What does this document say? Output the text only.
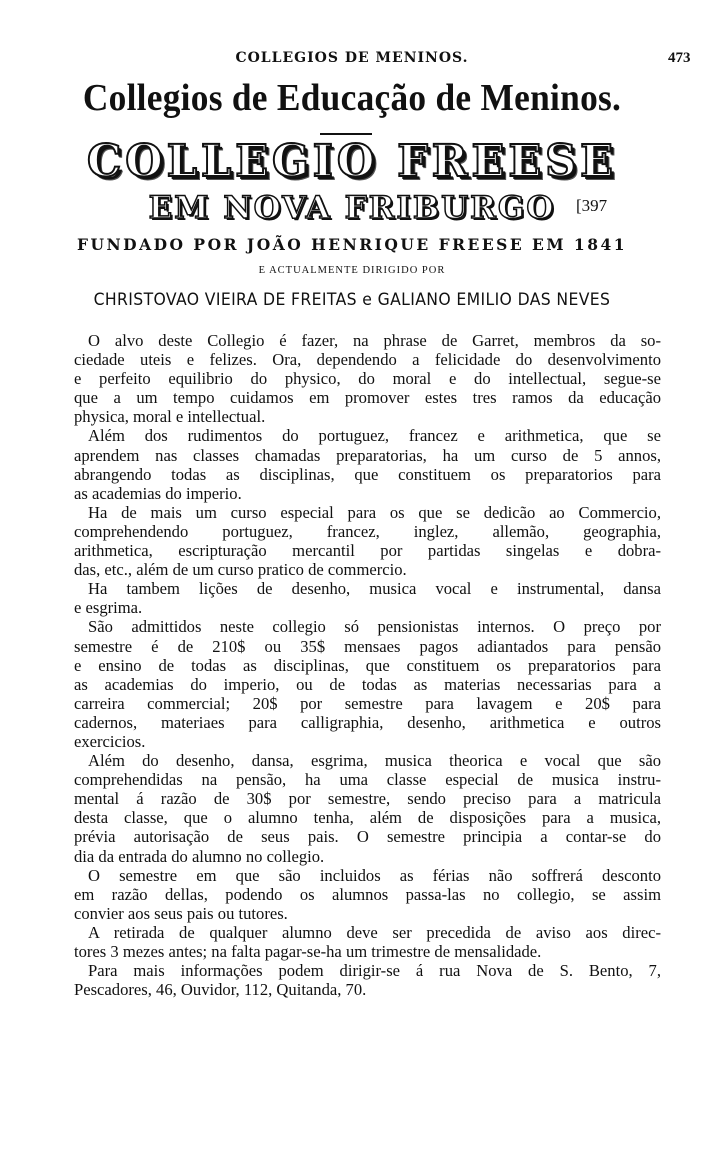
COLLEGIOS DE MENINOS.	473
Collegios de Educação de Meninos.
COLLEGIO FREESE
EM NOVA FRIBURGO	[397
FUNDADO POR JOÃO HENRIQUE FREESE EM 1841
E ACTUALMENTE DIRIGIDO POR
CHRISTOVAO VIEIRA DE FREITAS e GALIANO EMILIO DAS NEVES
O alvo deste Collegio é fazer, na phrase de Garret, membros da so-
ciedade uteis e felizes. Ora, dependendo a felicidade do desenvolvimento
e perfeito equilibrio do physico, do moral e do intellectual, segue-se
que a um tempo cuidamos em promover estes tres ramos da educação
physica, moral e intellectual.
Além dos rudimentos do portuguez, francez e arithmetica, que se
aprendem nas classes chamadas preparatorias, ha um curso de 5 annos,
abrangendo todas as disciplinas, que constituem os preparatorios para
as academias do imperio.
Ha de mais um curso especial para os que se dedicão ao Commercio,
comprehendendo portuguez, francez, inglez, allemão, geographia,
arithmetica, escripturação mercantil por partidas singelas e dobra-
das, etc., além de um curso pratico de commercio.
Ha tambem lições de desenho, musica vocal e instrumental, dansa
e esgrima.
São admittidos neste collegio só pensionistas internos. O preço por
semestre é de 210$ ou 35$ mensaes pagos adiantados para pensão
e ensino de todas as disciplinas, que constituem os preparatorios para
as academias do imperio, ou de todas as materias necessarias para a
carreira commercial; 20$ por semestre para lavagem e 20$ para
cadernos, materiaes para calligraphia, desenho, arithmetica e outros
exercicios.
Além do desenho, dansa, esgrima, musica theorica e vocal que são
comprehendidas na pensão, ha uma classe especial de musica instru-
mental á razão de 30$ por semestre, sendo preciso para a matricula
desta classe, que o alumno tenha, além de disposições para a musica,
prévia autorisação de seus pais. O semestre principia a contar-se do
dia da entrada do alumno no collegio.
O semestre em que são incluidos as férias não soffrerá desconto
em razão dellas, podendo os alumnos passa-las no collegio, se assim
convier aos seus pais ou tutores.
A retirada de qualquer alumno deve ser precedida de aviso aos direc-
tores 3 mezes antes; na falta pagar-se-ha um trimestre de mensalidade.
Para mais informações podem dirigir-se á rua Nova de S. Bento, 7,
Pescadores, 46, Ouvidor, 112, Quitanda, 70.
